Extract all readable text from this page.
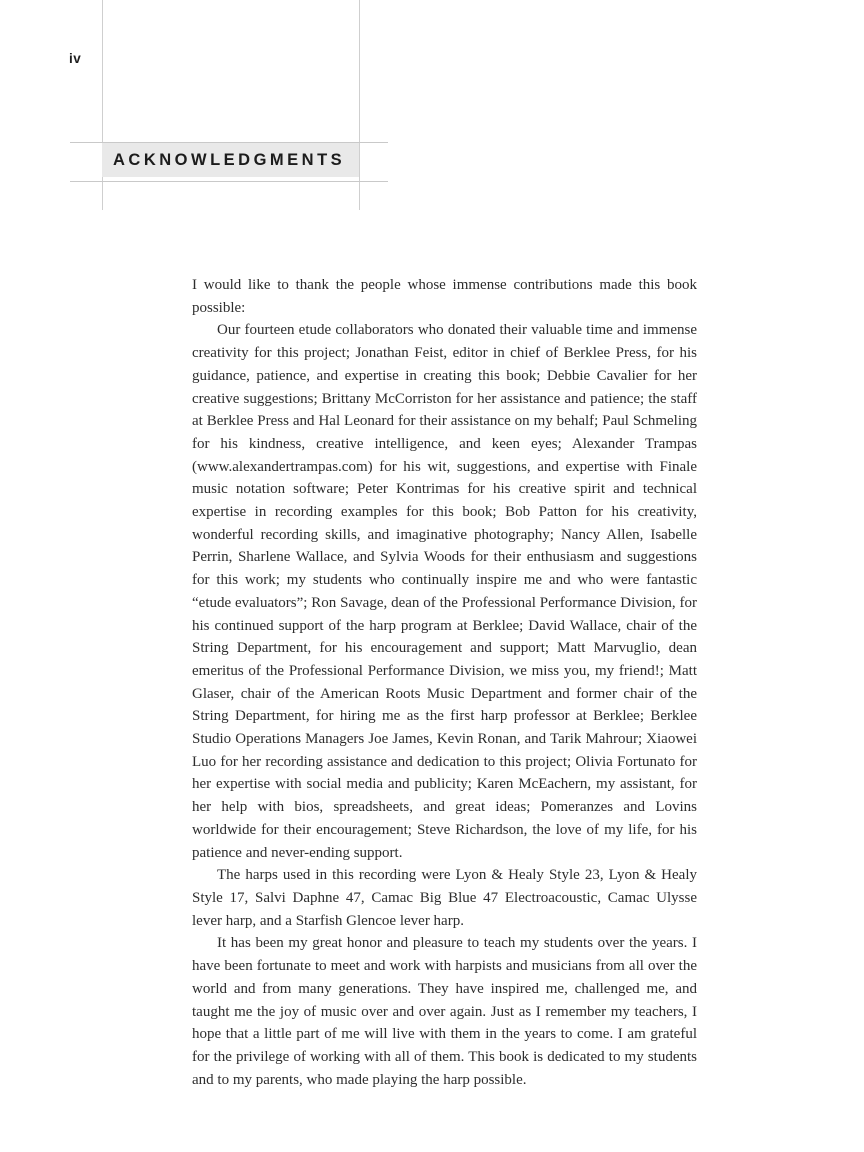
iv
ACKNOWLEDGMENTS

I would like to thank the people whose immense contributions made this book possible:

Our fourteen etude collaborators who donated their valuable time and immense creativity for this project; Jonathan Feist, editor in chief of Berklee Press, for his guidance, patience, and expertise in creating this book; Debbie Cavalier for her creative suggestions; Brittany McCorriston for her assistance and patience; the staff at Berklee Press and Hal Leonard for their assistance on my behalf; Paul Schmeling for his kindness, creative intelligence, and keen eyes; Alexander Trampas (www.alexandertrampas.com) for his wit, suggestions, and expertise with Finale music notation software; Peter Kontrimas for his creative spirit and technical expertise in recording examples for this book; Bob Patton for his creativity, wonderful recording skills, and imaginative photography; Nancy Allen, Isabelle Perrin, Sharlene Wallace, and Sylvia Woods for their enthusiasm and suggestions for this work; my students who continually inspire me and who were fantastic “etude evaluators”; Ron Savage, dean of the Professional Performance Division, for his continued support of the harp program at Berklee; David Wallace, chair of the String Department, for his encouragement and support; Matt Marvuglio, dean emeritus of the Professional Performance Division, we miss you, my friend!; Matt Glaser, chair of the American Roots Music Department and former chair of the String Department, for hiring me as the first harp professor at Berklee; Berklee Studio Operations Managers Joe James, Kevin Ronan, and Tarik Mahrour; Xiaowei Luo for her recording assistance and dedication to this project; Olivia Fortunato for her expertise with social media and publicity; Karen McEachern, my assistant, for her help with bios, spreadsheets, and great ideas; Pomeranzes and Lovins worldwide for their encouragement; Steve Richardson, the love of my life, for his patience and never-ending support.

The harps used in this recording were Lyon & Healy Style 23, Lyon & Healy Style 17, Salvi Daphne 47, Camac Big Blue 47 Electroacoustic, Camac Ulysse lever harp, and a Starfish Glencoe lever harp.

It has been my great honor and pleasure to teach my students over the years. I have been fortunate to meet and work with harpists and musicians from all over the world and from many generations. They have inspired me, challenged me, and taught me the joy of music over and over again. Just as I remember my teachers, I hope that a little part of me will live with them in the years to come. I am grateful for the privilege of working with all of them. This book is dedicated to my students and to my parents, who made playing the harp possible.
